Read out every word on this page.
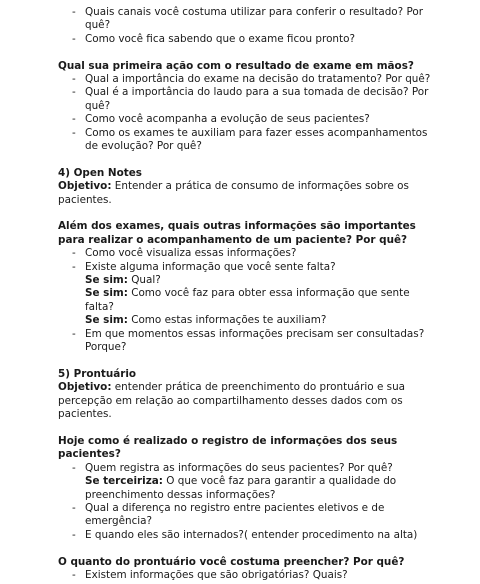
- Quais canais você costuma utilizar para conferir o resultado? Por quê?
- Como você fica sabendo que o exame ficou pronto?
Qual sua primeira ação com o resultado de exame em mãos?
- Qual a importância do exame na decisão do tratamento? Por quê?
- Qual é a importância do laudo para a sua tomada de decisão? Por quê?
- Como você acompanha a evolução de seus pacientes?
- Como os exames te auxiliam para fazer esses acompanhamentos de evolução? Por quê?
4) Open Notes
Objetivo: Entender a prática de consumo de informações sobre os pacientes.
Além dos exames, quais outras informações são importantes para realizar o acompanhamento de um paciente? Por quê?
- Como você visualiza essas informações?
- Existe alguma informação que você sente falta?
Se sim: Qual?
Se sim: Como você faz para obter essa informação que sente falta?
Se sim: Como estas informações te auxiliam?
- Em que momentos essas informações precisam ser consultadas? Porque?
5) Prontuário
Objetivo: entender prática de preenchimento do prontuário e sua percepção em relação ao compartilhamento desses dados com os pacientes.
Hoje como é realizado o registro de informações dos seus pacientes?
- Quem registra as informações do seus pacientes? Por quê?
Se terceiriza: O que você faz para garantir a qualidade do preenchimento dessas informações?
- Qual a diferença no registro entre pacientes eletivos e de emergência?
- E quando eles são internados?( entender procedimento na alta)
O quanto do prontuário você costuma preencher? Por quê?
- Existem informações que são obrigatórias? Quais?
